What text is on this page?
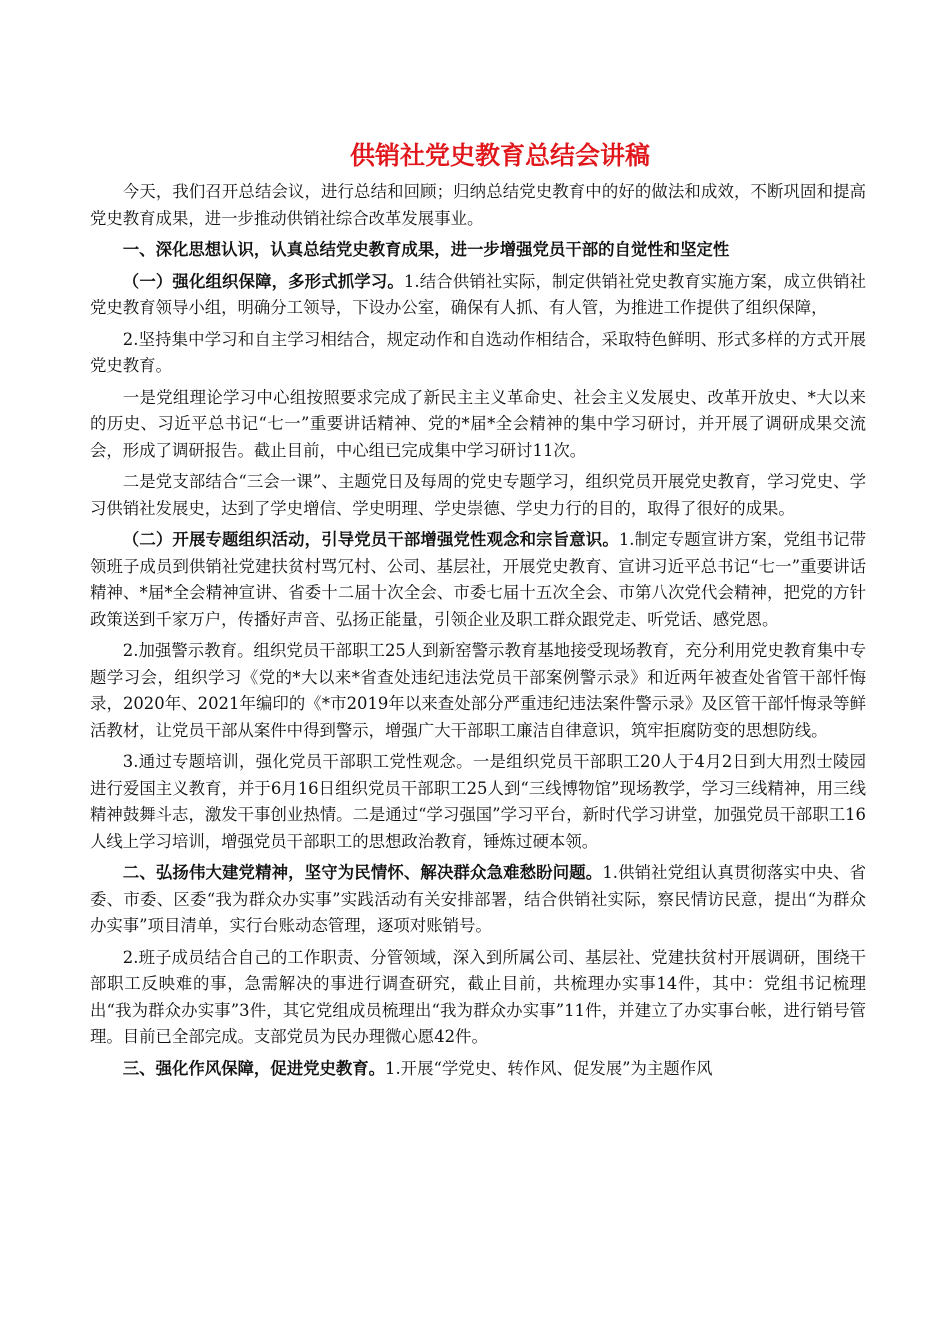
供销社党史教育总结会讲稿

今天，我们召开总结会议，进行总结和回顾；归纳总结党史教育中的好的做法和成效，不断巩固和提高党史教育成果，进一步推动供销社综合改革发展事业。

一、深化思想认识，认真总结党史教育成果，进一步增强党员干部的自觉性和坚定性

（一）强化组织保障，多形式抓学习。1.结合供销社实际，制定供销社党史教育实施方案，成立供销社党史教育领导小组，明确分工领导，下设办公室，确保有人抓、有人管，为推进工作提供了组织保障，

2.坚持集中学习和自主学习相结合，规定动作和自选动作相结合，采取特色鲜明、形式多样的方式开展党史教育。

一是党组理论学习中心组按照要求完成了新民主主义革命史、社会主义发展史、改革开放史、*大以来的历史、习近平总书记“七一”重要讲话精神、党的*届*全会精神的集中学习研讨，并开展了调研成果交流会，形成了调研报告。截止目前，中心组已完成集中学习研讨11次。

二是党支部结合“三会一课”、主题党日及每周的党史专题学习，组织党员开展党史教育，学习党史、学习供销社发展史，达到了学史增信、学史明理、学史崇德、学史力行的目的，取得了很好的成果。

（二）开展专题组织活动，引导党员干部增强党性观念和宗旨意识。1.制定专题宣讲方案，党组书记带领班子成员到供销社党建扶贫村骂冗村、公司、基层社，开展党史教育、宣讲习近平总书记“七一”重要讲话精神、*届*全会精神宣讲、省委十二届十次全会、市委七届十五次全会、市第八次党代会精神，把党的方针政策送到千家万户，传播好声音、弘扬正能量，引领企业及职工群众跟党走、听党话、感党恩。

2.加强警示教育。组织党员干部职工25人到新窑警示教育基地接受现场教育，充分利用党史教育集中专题学习会，组织学习《党的*大以来*省查处违纪违法党员干部案例警示录》和近两年被查处省管干部忏悔录，2020年、2021年编印的《*市2019年以来查处部分严重违纪违法案件警示录》及区管干部忏悔录等鲜活教材，让党员干部从案件中得到警示，增强广大干部职工廉洁自律意识，筑牢拒腐防变的思想防线。

3.通过专题培训，强化党员干部职工党性观念。一是组织党员干部职工20人于4月2日到大用烈士陵园进行爱国主义教育，并于6月16日组织党员干部职工25人到“三线博物馆”现场教学，学习三线精神，用三线精神鼓舞斗志，激发干事创业热情。二是通过“学习强国”学习平台，新时代学习讲堂，加强党员干部职工16人线上学习培训，增强党员干部职工的思想政治教育，锤炼过硬本领。

二、弘扬伟大建党精神，坚守为民情怀、解决群众急难愁盼问题。1.供销社党组认真贯彻落实中央、省委、市委、区委“我为群众办实事”实践活动有关安排部署，结合供销社实际，察民情访民意，提出“为群众办实事”项目清单，实行台账动态管理，逐项对账销号。

2.班子成员结合自己的工作职责、分管领域，深入到所属公司、基层社、党建扶贫村开展调研，围绕干部职工反映难的事，急需解决的事进行调查研究，截止目前，共梳理办实事14件，其中：党组书记梳理出“我为群众办实事”3件，其它党组成员梳理出“我为群众办实事”11件，并建立了办实事台帐，进行销号管理。目前已全部完成。支部党员为民办理微心愿42件。

三、强化作风保障，促进党史教育。1.开展“学党史、转作风、促发展”为主题作风
